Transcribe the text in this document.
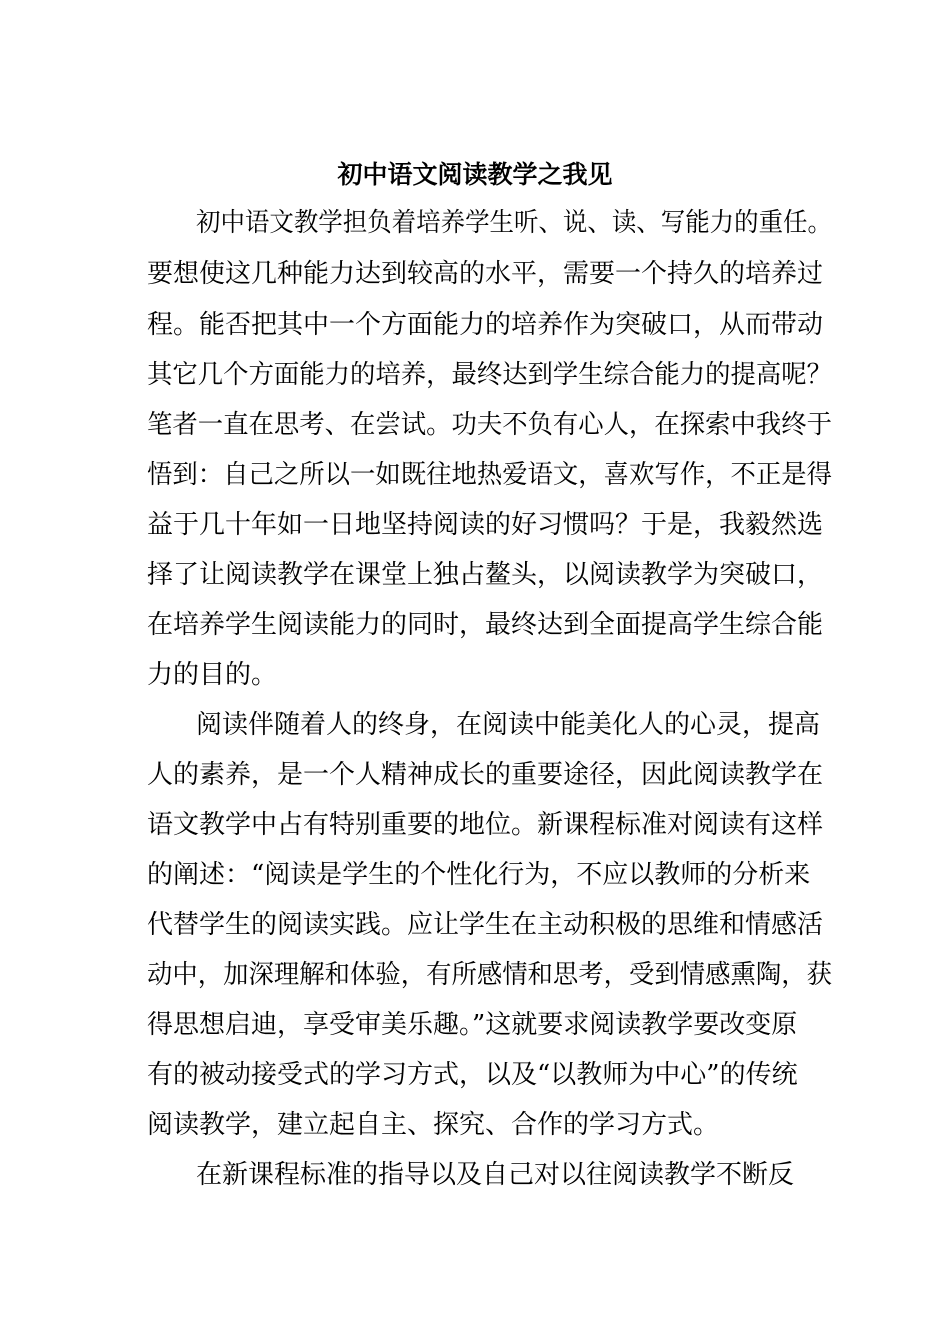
初中语文阅读教学之我见

初中语文教学担负着培养学生听、说、读、写能力的重任。

要想使这几种能力达到较高的水平，需要一个持久的培养过

程。能否把其中一个方面能力的培养作为突破口，从而带动

其它几个方面能力的培养，最终达到学生综合能力的提高呢？

笔者一直在思考、在尝试。功夫不负有心人，在探索中我终于

悟到：自己之所以一如既往地热爱语文，喜欢写作，不正是得

益于几十年如一日地坚持阅读的好习惯吗？于是，我毅然选

择了让阅读教学在课堂上独占鳌头，以阅读教学为突破口，

在培养学生阅读能力的同时，最终达到全面提高学生综合能

力的目的。

阅读伴随着人的终身，在阅读中能美化人的心灵，提高

人的素养，是一个人精神成长的重要途径，因此阅读教学在

语文教学中占有特别重要的地位。新课程标准对阅读有这样

的阐述：“阅读是学生的个性化行为，不应以教师的分析来

代替学生的阅读实践。应让学生在主动积极的思维和情感活

动中，加深理解和体验，有所感情和思考，受到情感熏陶，获

得思想启迪，享受审美乐趣。”这就要求阅读教学要改变原

有的被动接受式的学习方式，以及“以教师为中心”的传统

阅读教学，建立起自主、探究、合作的学习方式。

在新课程标准的指导以及自己对以往阅读教学不断反
